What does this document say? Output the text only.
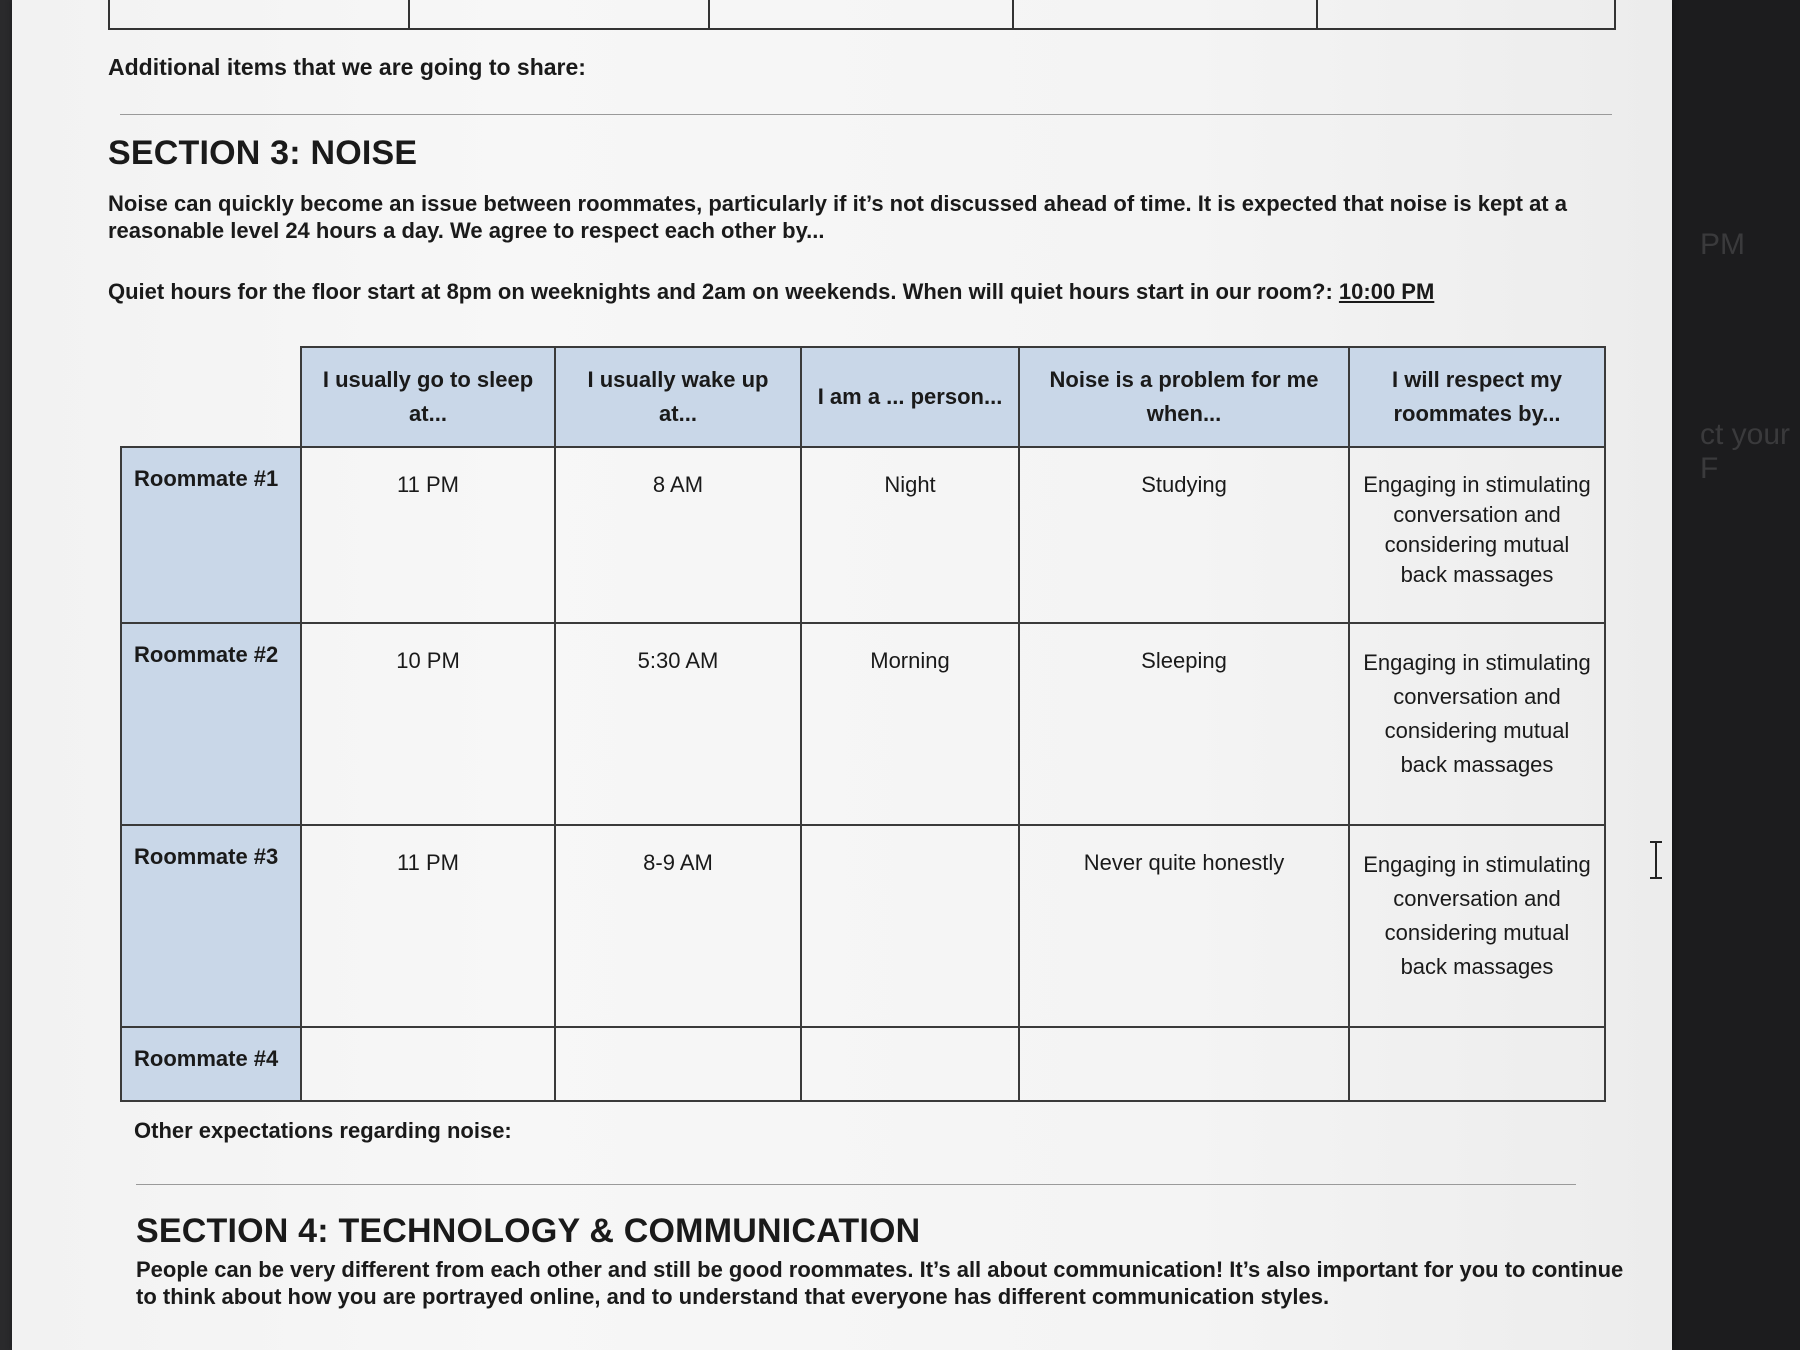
PM
ct your F
Additional items that we are going to share:
SECTION 3: NOISE
Noise can quickly become an issue between roommates, particularly if it’s not discussed ahead of time. It is expected that noise is kept at a
reasonable level 24 hours a day. We agree to respect each other by...
Quiet hours for the floor start at 8pm on weeknights and 2am on weekends. When will quiet hours start in our room?: 10:00 PM
	I usually go to sleep at...	I usually wake up at...	I am a ... person...	Noise is a problem for me when...	I will respect my roommates by...
Roommate #1	11 PM	8 AM	Night	Studying	Engaging in stimulating conversation and considering mutual back massages
Roommate #2	10 PM	5:30 AM	Morning	Sleeping	Engaging in stimulating conversation and considering mutual back massages
Roommate #3	11 PM	8-9 AM		Never quite honestly	Engaging in stimulating conversation and considering mutual back massages
Roommate #4					
Other expectations regarding noise:
SECTION 4: TECHNOLOGY & COMMUNICATION
People can be very different from each other and still be good roommates. It’s all about communication! It’s also important for you to continue
to think about how you are portrayed online, and to understand that everyone has different communication styles.
